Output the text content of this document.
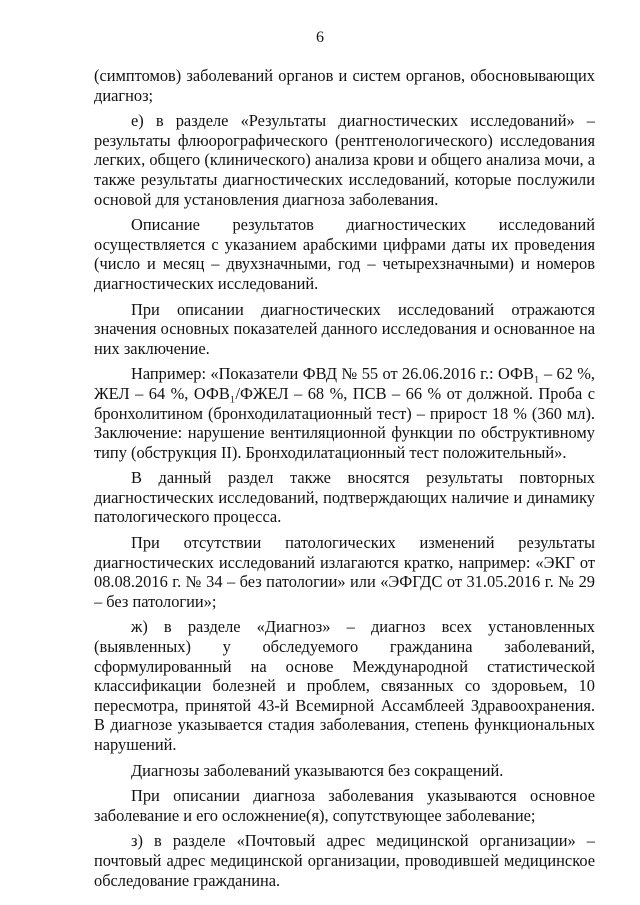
6

(симптомов) заболеваний органов и систем органов, обосновывающих диагноз;

е) в разделе «Результаты диагностических исследований» – результаты флюорографического (рентгенологического) исследования легких, общего (клинического) анализа крови и общего анализа мочи, а также результаты диагностических исследований, которые послужили основой для установления диагноза заболевания.

Описание результатов диагностических исследований осуществляется с указанием арабскими цифрами даты их проведения (число и месяц – двухзначными, год – четырехзначными) и номеров диагностических исследований.

При описании диагностических исследований отражаются значения основных показателей данного исследования и основанное на них заключение.

Например: «Показатели ФВД № 55 от 26.06.2016 г.: ОФВ₁ – 62 %, ЖЕЛ – 64 %, ОФВ₁/ФЖЕЛ – 68 %, ПСВ – 66 % от должной. Проба с бронхолитином (бронходилатационный тест) – прирост 18 % (360 мл). Заключение: нарушение вентиляционной функции по обструктивному типу (обструкция II). Бронходилатационный тест положительный».

В данный раздел также вносятся результаты повторных диагностических исследований, подтверждающих наличие и динамику патологического процесса.

При отсутствии патологических изменений результаты диагностических исследований излагаются кратко, например: «ЭКГ от 08.08.2016 г. № 34 – без патологии» или «ЭФГДС от 31.05.2016 г. № 29 – без патологии»;

ж) в разделе «Диагноз» – диагноз всех установленных (выявленных) у обследуемого гражданина заболеваний, сформулированный на основе Международной статистической классификации болезней и проблем, связанных со здоровьем, 10 пересмотра, принятой 43-й Всемирной Ассамблеей Здравоохранения. В диагнозе указывается стадия заболевания, степень функциональных нарушений.

Диагнозы заболеваний указываются без сокращений.

При описании диагноза заболевания указываются основное заболевание и его осложнение(я), сопутствующее заболевание;

з) в разделе «Почтовый адрес медицинской организации» – почтовый адрес медицинской организации, проводившей медицинское обследование гражданина.
